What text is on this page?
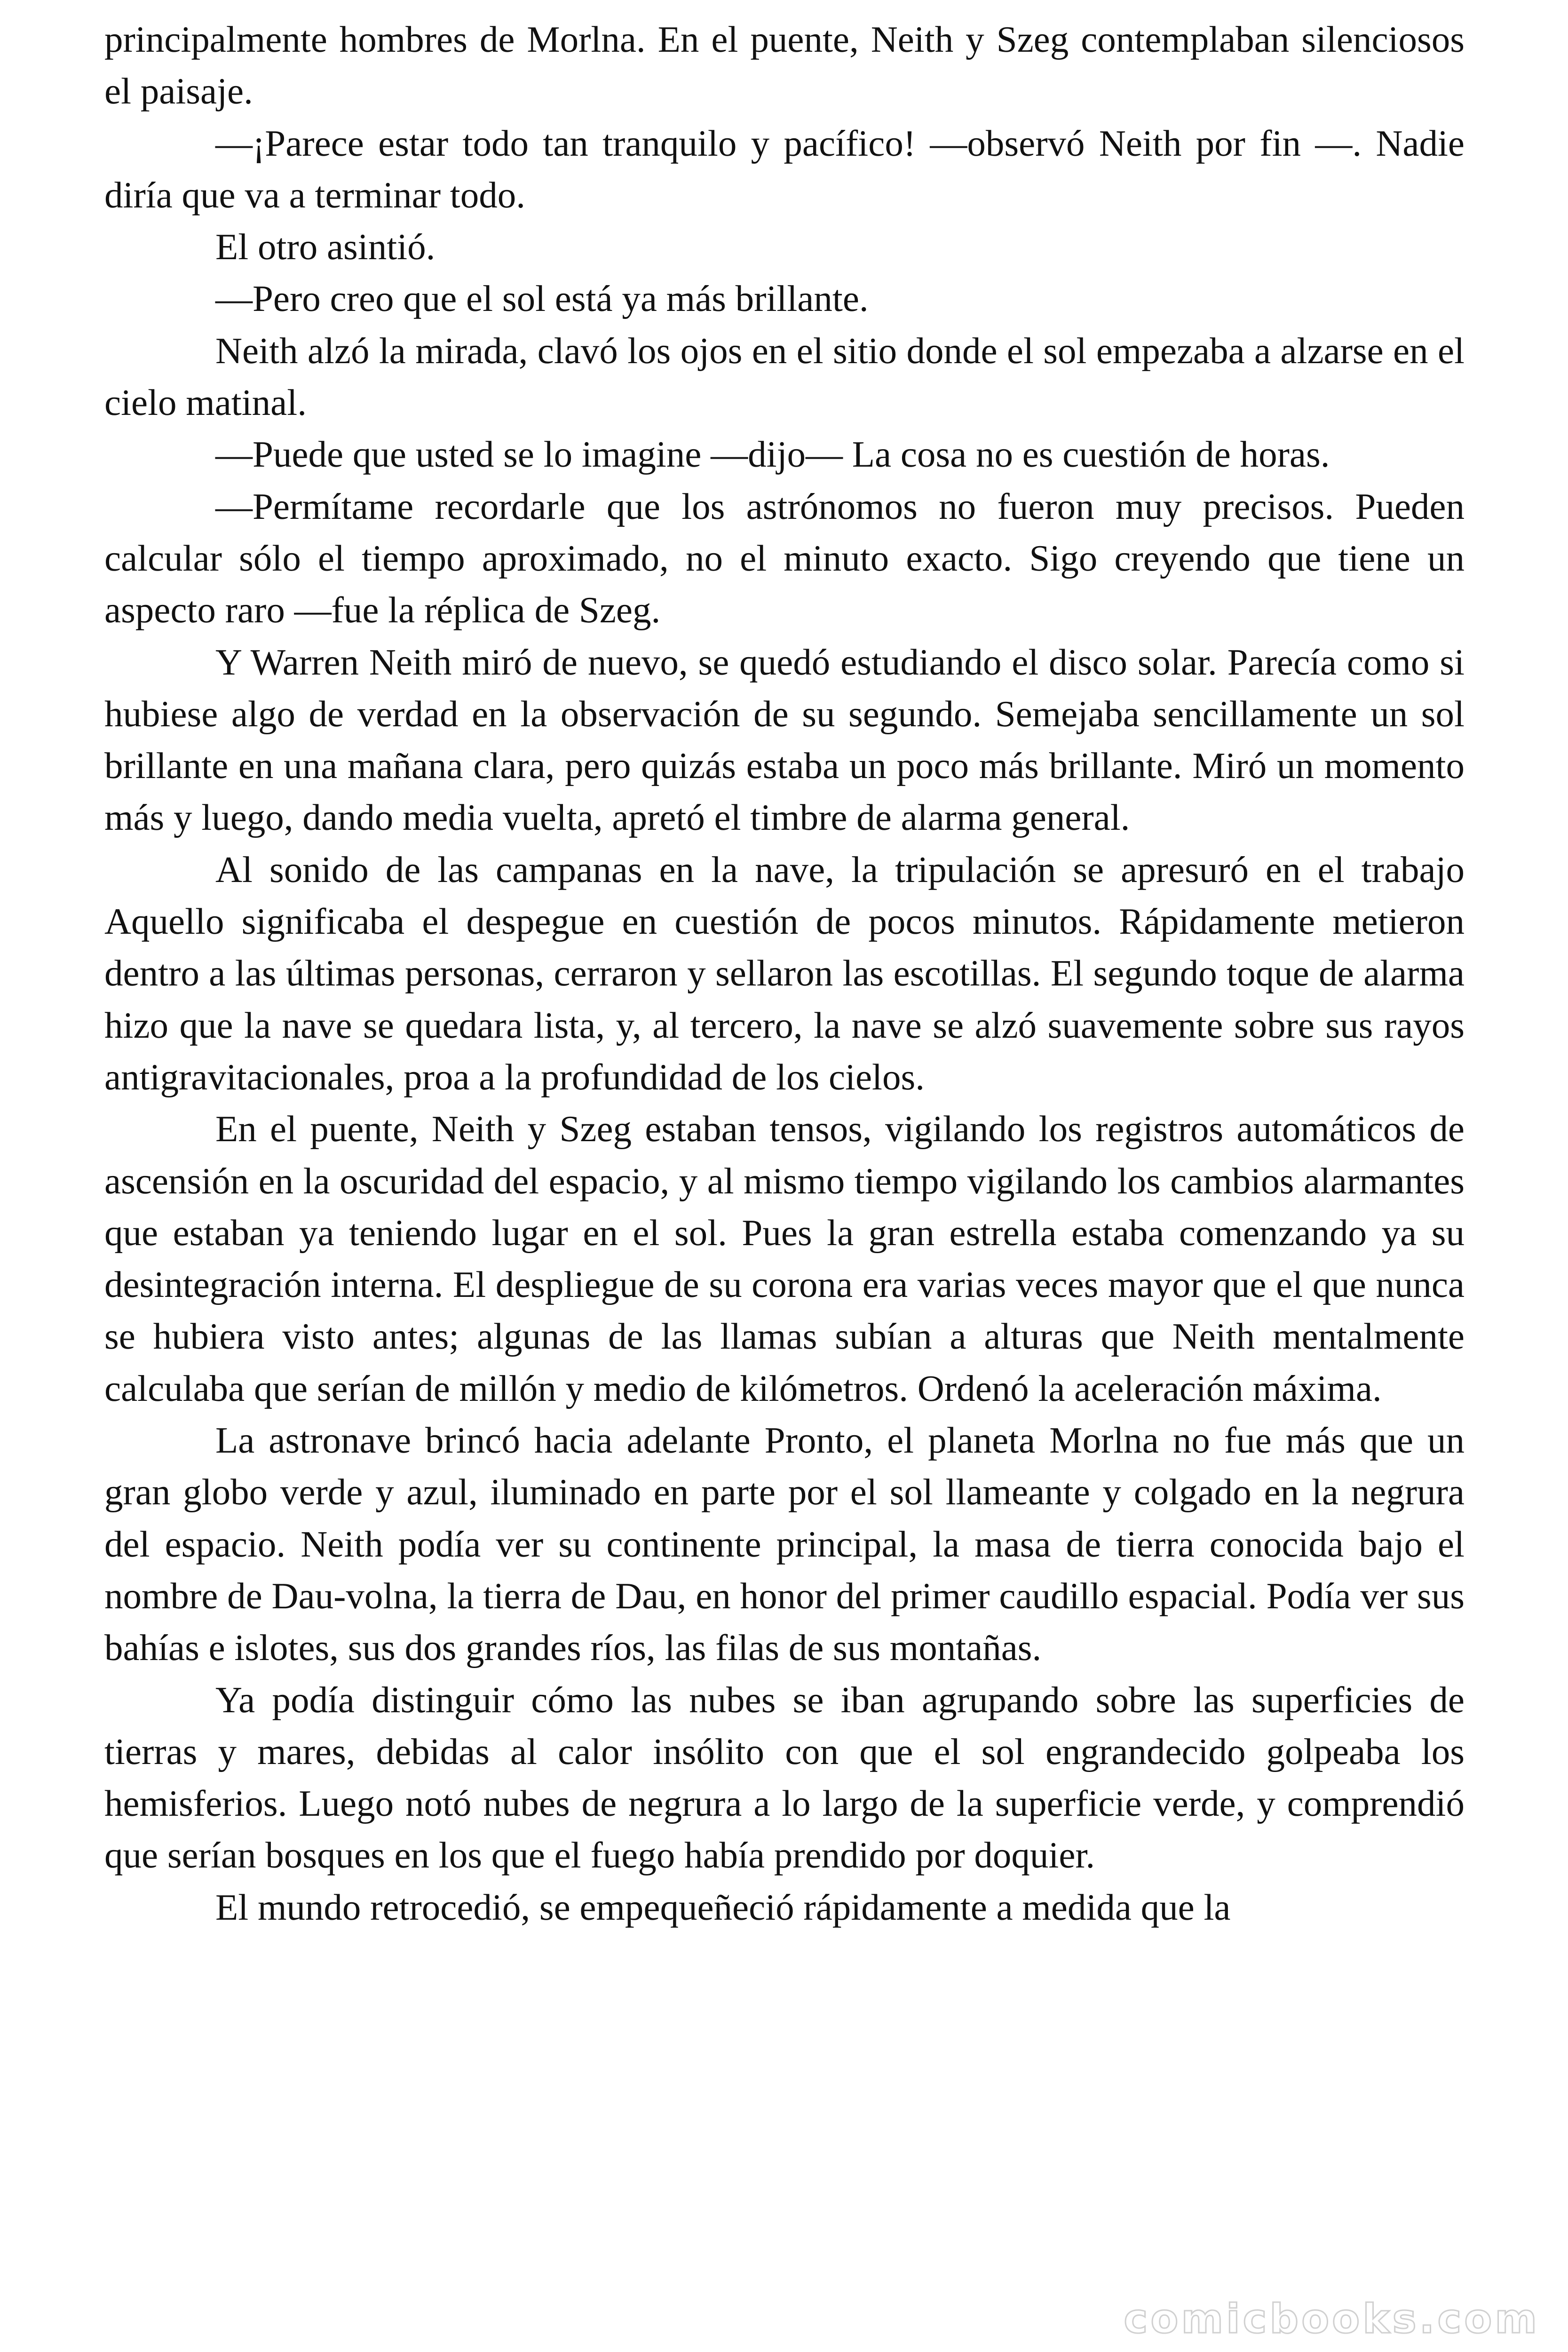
principalmente hombres de Morlna. En el puente, Neith y Szeg contemplaban silenciosos el paisaje.

—¡Parece estar todo tan tranquilo y pacífico! —observó Neith por fin —. Nadie diría que va a terminar todo.

El otro asintió.

—Pero creo que el sol está ya más brillante.

Neith alzó la mirada, clavó los ojos en el sitio donde el sol empezaba a alzarse en el cielo matinal.

—Puede que usted se lo imagine —dijo— La cosa no es cuestión de horas.

—Permítame recordarle que los astrónomos no fueron muy precisos. Pueden calcular sólo el tiempo aproximado, no el minuto exacto. Sigo creyendo que tiene un aspecto raro —fue la réplica de Szeg.

Y Warren Neith miró de nuevo, se quedó estudiando el disco solar. Parecía como si hubiese algo de verdad en la observación de su segundo. Semejaba sencillamente un sol brillante en una mañana clara, pero quizás estaba un poco más brillante. Miró un momento más y luego, dando media vuelta, apretó el timbre de alarma general.

Al sonido de las campanas en la nave, la tripulación se apresuró en el trabajo Aquello significaba el despegue en cuestión de pocos minutos. Rápidamente metieron dentro a las últimas personas, cerraron y sellaron las escotillas. El segundo toque de alarma hizo que la nave se quedara lista, y, al tercero, la nave se alzó suavemente sobre sus rayos antigravitacionales, proa a la profundidad de los cielos.

En el puente, Neith y Szeg estaban tensos, vigilando los registros automáticos de ascensión en la oscuridad del espacio, y al mismo tiempo vigilando los cambios alarmantes que estaban ya teniendo lugar en el sol. Pues la gran estrella estaba comenzando ya su desintegración interna. El despliegue de su corona era varias veces mayor que el que nunca se hubiera visto antes; algunas de las llamas subían a alturas que Neith mentalmente calculaba que serían de millón y medio de kilómetros. Ordenó la aceleración máxima.

La astronave brincó hacia adelante Pronto, el planeta Morlna no fue más que un gran globo verde y azul, iluminado en parte por el sol llameante y colgado en la negrura del espacio. Neith podía ver su continente principal, la masa de tierra conocida bajo el nombre de Dau-volna, la tierra de Dau, en honor del primer caudillo espacial. Podía ver sus bahías e islotes, sus dos grandes ríos, las filas de sus montañas.

Ya podía distinguir cómo las nubes se iban agrupando sobre las superficies de tierras y mares, debidas al calor insólito con que el sol engrandecido golpeaba los hemisferios. Luego notó nubes de negrura a lo largo de la superficie verde, y comprendió que serían bosques en los que el fuego había prendido por doquier.

El mundo retrocedió, se empequeñeció rápidamente a medida que la

comicbooks.com
